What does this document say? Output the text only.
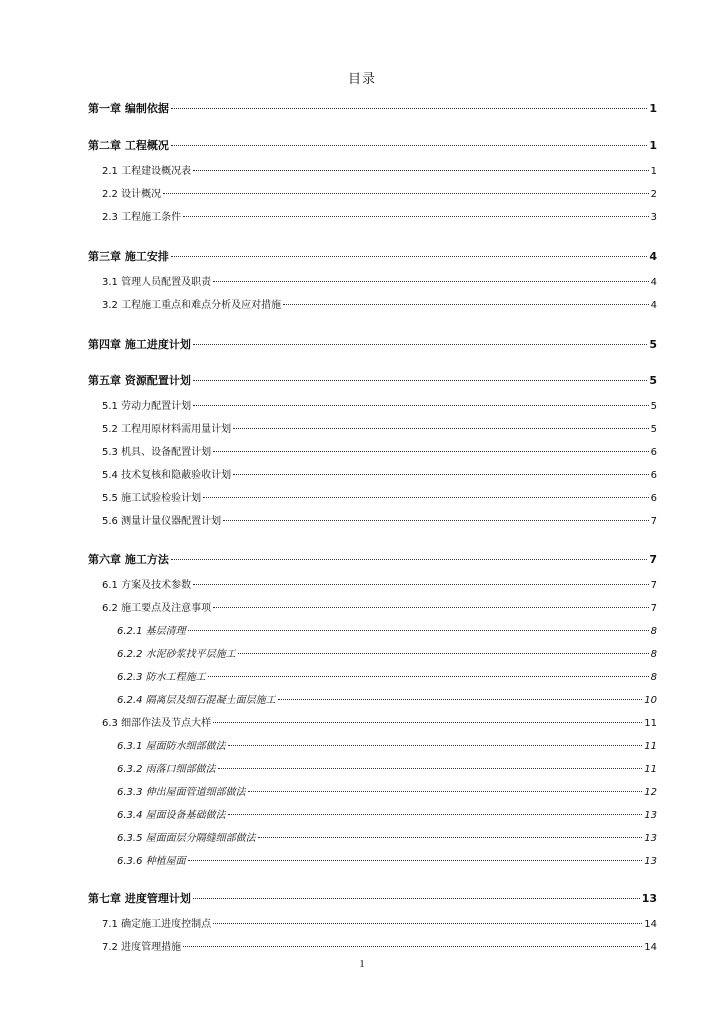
目录
第一章 编制依据	1
第二章 工程概况	1
2.1 工程建设概况表	1
2.2 设计概况	2
2.3 工程施工条件	3
第三章 施工安排	4
3.1 管理人员配置及职责	4
3.2 工程施工重点和难点分析及应对措施	4
第四章 施工进度计划	5
第五章 资源配置计划	5
5.1 劳动力配置计划	5
5.2 工程用原材料需用量计划	5
5.3 机具、设备配置计划	6
5.4 技术复核和隐蔽验收计划	6
5.5 施工试验检验计划	6
5.6 测量计量仪器配置计划	7
第六章 施工方法	7
6.1 方案及技术参数	7
6.2 施工要点及注意事项	7
6.2.1 基层清理	8
6.2.2 水泥砂浆找平层施工	8
6.2.3 防水工程施工	8
6.2.4 隔离层及细石混凝土面层施工	10
6.3 细部作法及节点大样	11
6.3.1 屋面防水细部做法	11
6.3.2 雨落口细部做法	11
6.3.3 伸出屋面管道细部做法	12
6.3.4 屋面设备基础做法	13
6.3.5 屋面面层分隔缝细部做法	13
6.3.6 种植屋面	13
第七章 进度管理计划	13
7.1 确定施工进度控制点	14
7.2 进度管理措施	14
1
